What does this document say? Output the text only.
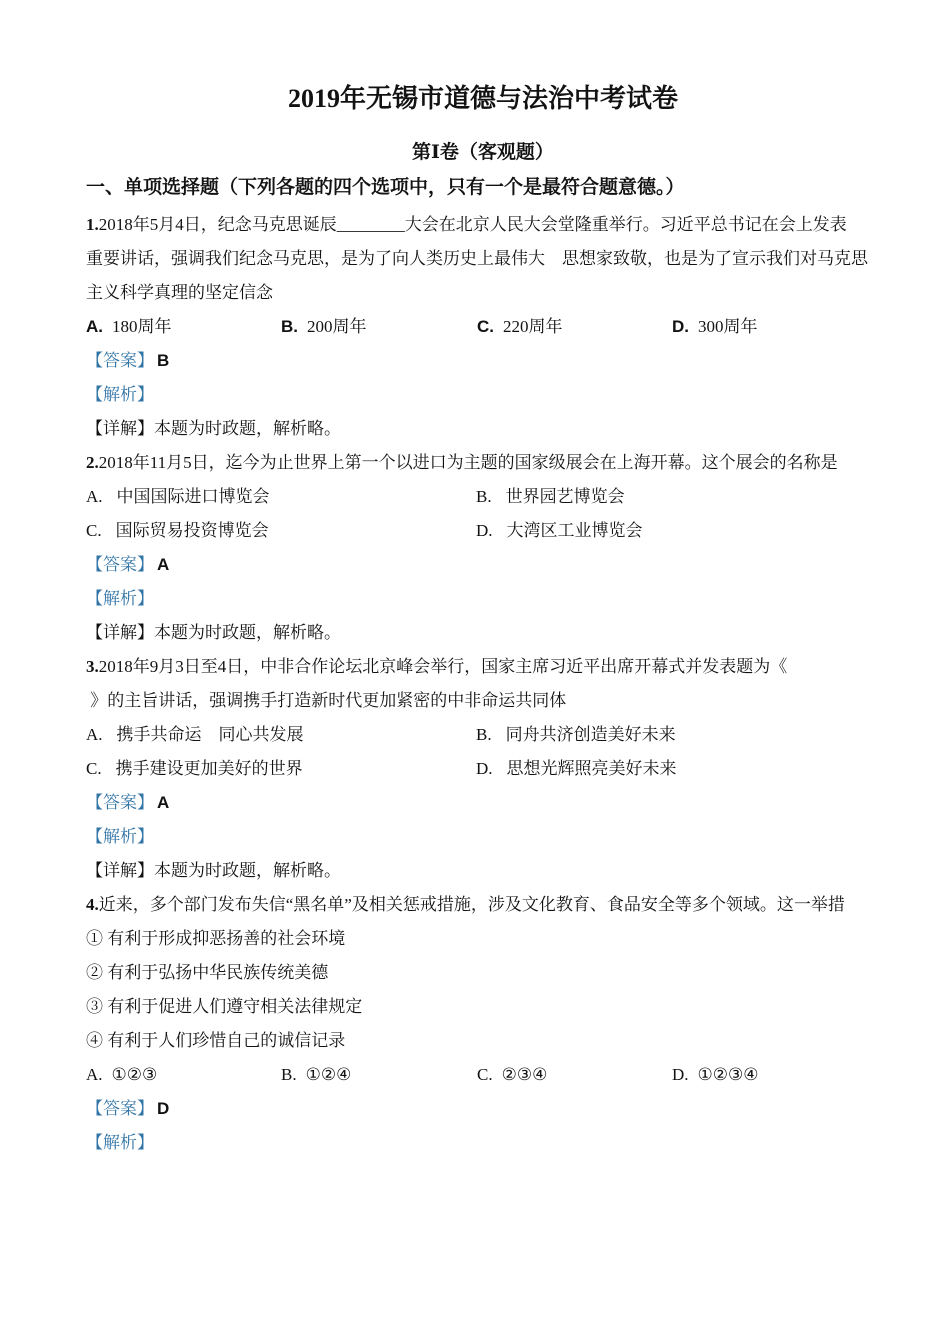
2019年无锡市道德与法治中考试卷
第Ⅰ卷（客观题）
一、单项选择题（下列各题的四个选项中，只有一个是最符合题意德。）
1.2018年5月4日，纪念马克思诞辰________大会在北京人民大会堂隆重举行。习近平总书记在会上发表
重要讲话，强调我们纪念马克思，是为了向人类历史上最伟大　思想家致敬，也是为了宣示我们对马克思
主义科学真理的坚定信念
A. 180周年	B. 200周年	C. 220周年	D. 300周年
【答案】 B
【解析】
【详解】本题为时政题，解析略。
2.2018年11月5日，迄今为止世界上第一个以进口为主题的国家级展会在上海开幕。这个展会的名称是
A. 中国国际进口博览会	B. 世界园艺博览会
C. 国际贸易投资博览会	D. 大湾区工业博览会
【答案】 A
【解析】
【详解】本题为时政题，解析略。
3.2018年9月3日至4日，中非合作论坛北京峰会举行，国家主席习近平出席开幕式并发表题为《
》的主旨讲话，强调携手打造新时代更加紧密的中非命运共同体
A. 携手共命运　同心共发展	B. 同舟共济创造美好未来
C. 携手建设更加美好的世界	D. 思想光辉照亮美好未来
【答案】 A
【解析】
【详解】本题为时政题，解析略。
4.近来，多个部门发布失信“黑名单”及相关惩戒措施，涉及文化教育、食品安全等多个领域。这一举措
① 有利于形成抑恶扬善的社会环境
② 有利于弘扬中华民族传统美德
③ 有利于促进人们遵守相关法律规定
④ 有利于人们珍惜自己的诚信记录
A. ①②③	B. ①②④	C. ②③④	D. ①②③④
【答案】 D
【解析】
